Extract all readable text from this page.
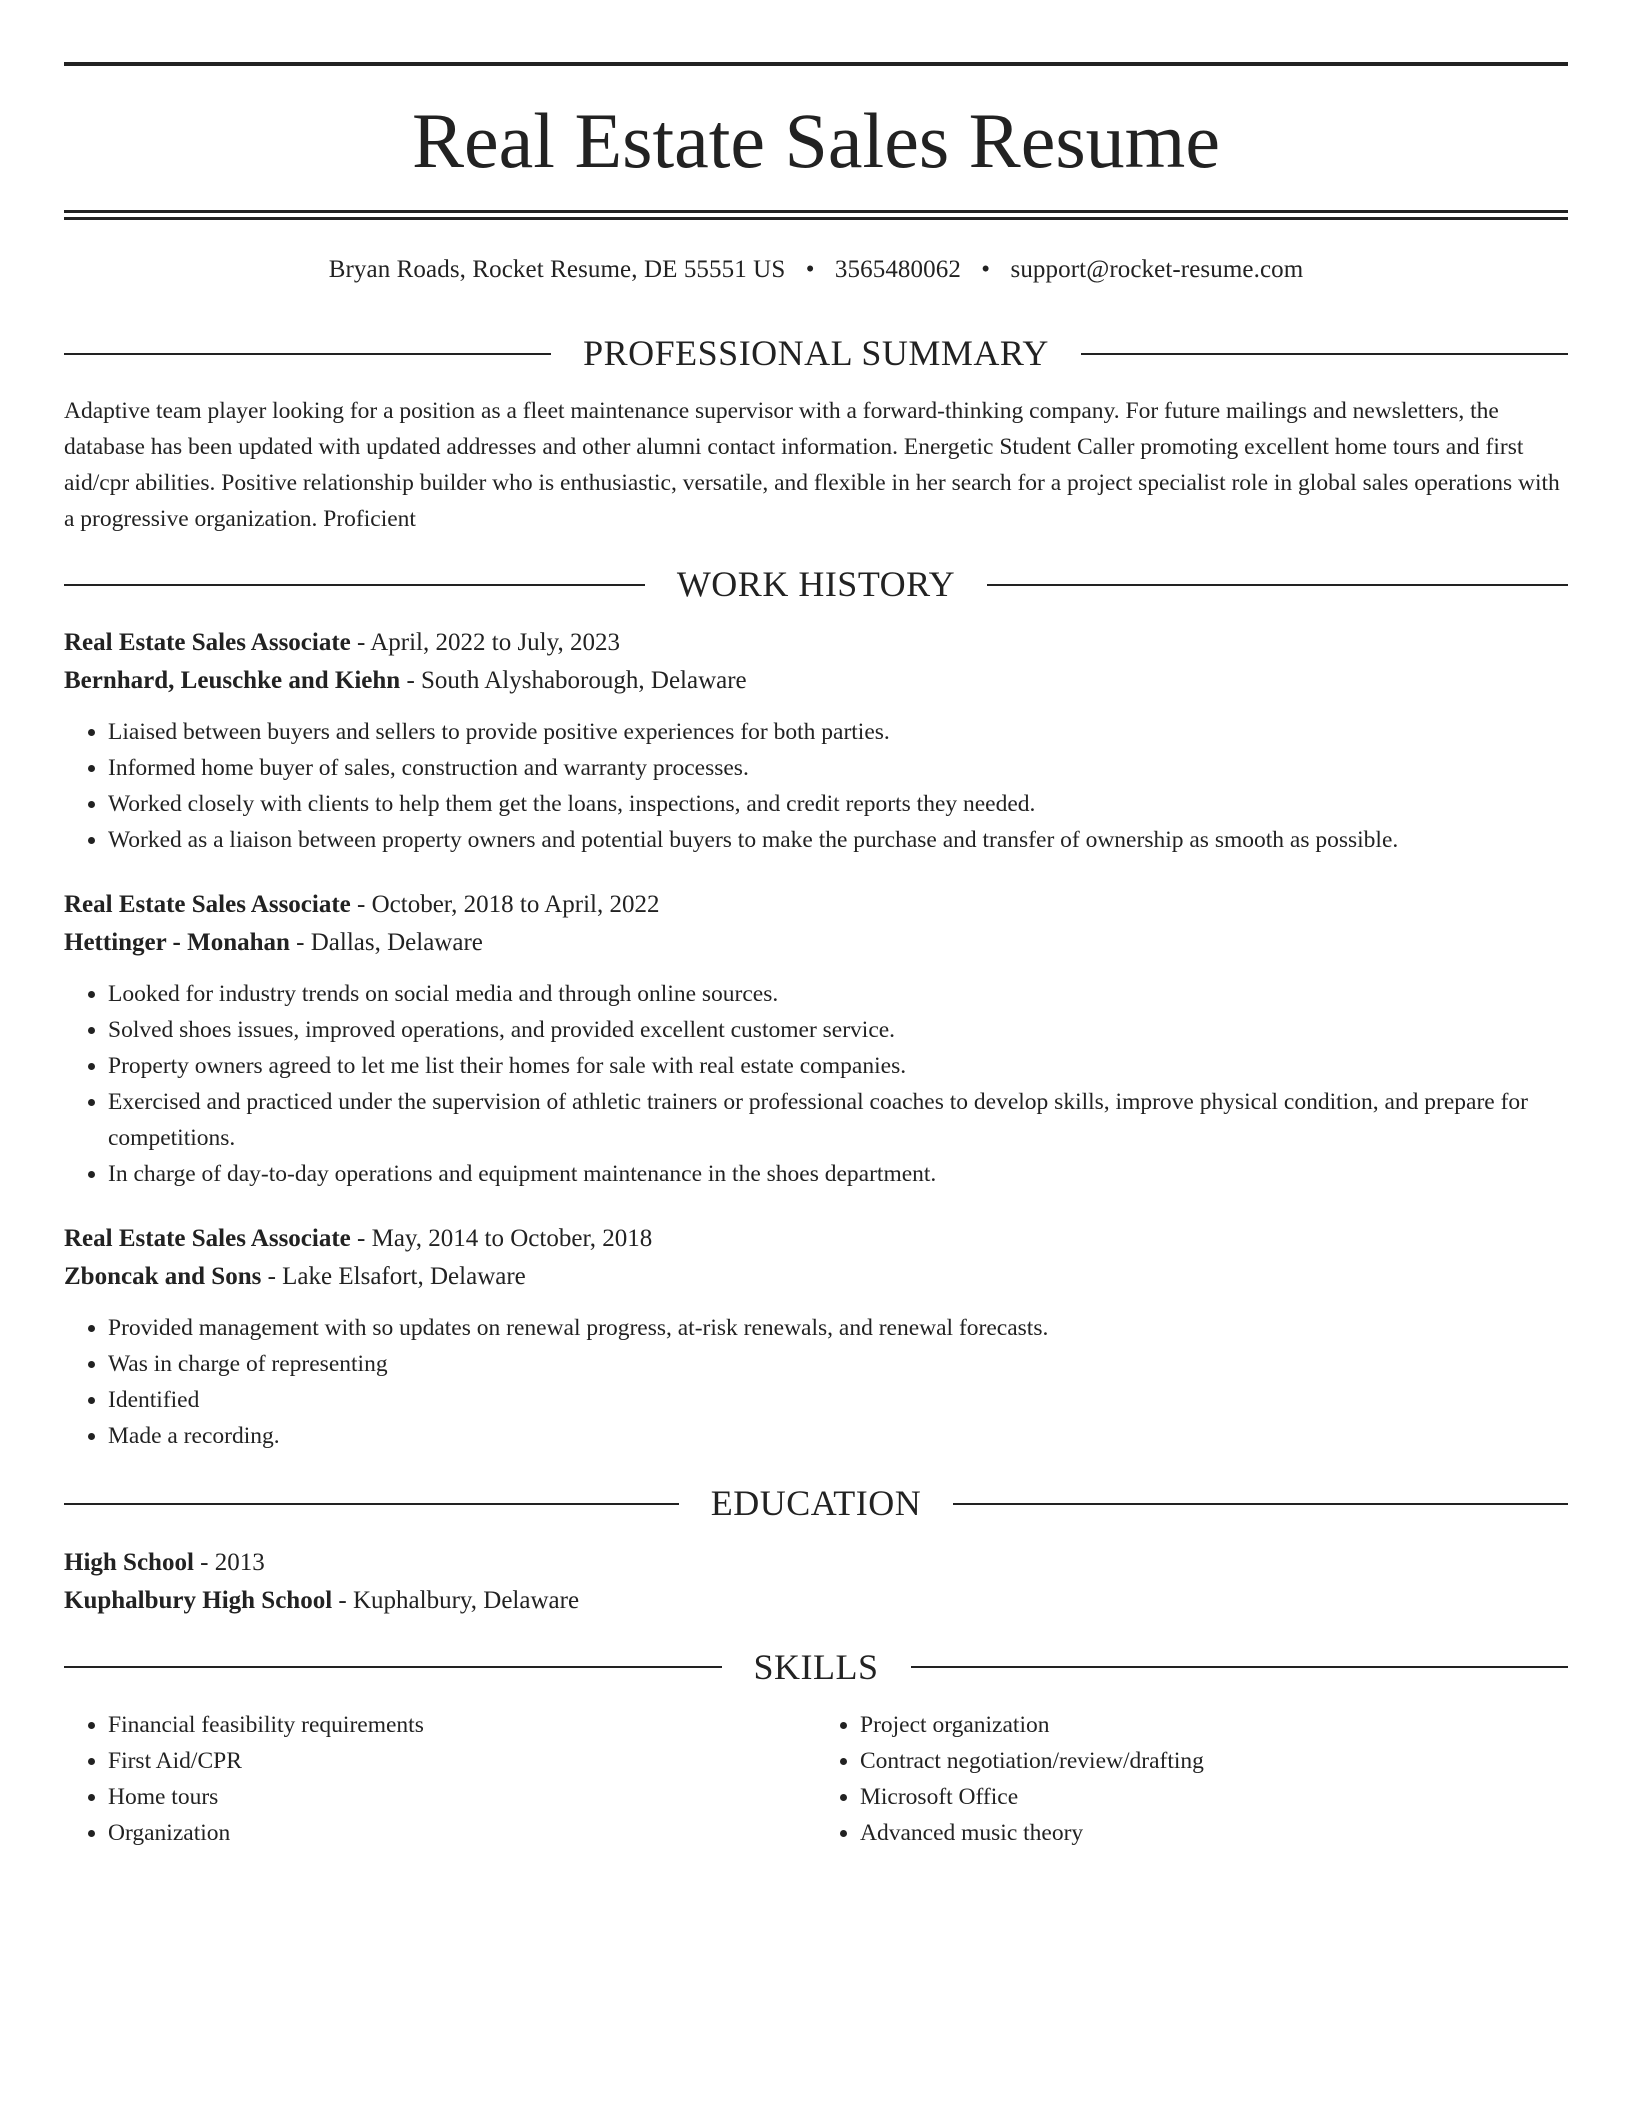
Real Estate Sales Resume
Bryan Roads, Rocket Resume, DE 55551 US • 3565480062 • support@rocket-resume.com
PROFESSIONAL SUMMARY

Adaptive team player looking for a position as a fleet maintenance supervisor with a forward-thinking company. For future mailings and newsletters, the database has been updated with updated addresses and other alumni contact information. Energetic Student Caller promoting excellent home tours and first aid/cpr abilities. Positive relationship builder who is enthusiastic, versatile, and flexible in her search for a project specialist role in global sales operations with a progressive organization. Proficient

WORK HISTORY
Real Estate Sales Associate - April, 2022 to July, 2023
Bernhard, Leuschke and Kiehn - South Alyshaborough, Delaware
• Liaised between buyers and sellers to provide positive experiences for both parties.
• Informed home buyer of sales, construction and warranty processes.
• Worked closely with clients to help them get the loans, inspections, and credit reports they needed.
• Worked as a liaison between property owners and potential buyers to make the purchase and transfer of ownership as smooth as possible.
Real Estate Sales Associate - October, 2018 to April, 2022
Hettinger - Monahan - Dallas, Delaware
• Looked for industry trends on social media and through online sources.
• Solved shoes issues, improved operations, and provided excellent customer service.
• Property owners agreed to let me list their homes for sale with real estate companies.
• Exercised and practiced under the supervision of athletic trainers or professional coaches to develop skills, improve physical condition, and prepare for competitions.
• In charge of day-to-day operations and equipment maintenance in the shoes department.
Real Estate Sales Associate - May, 2014 to October, 2018
Zboncak and Sons - Lake Elsafort, Delaware
• Provided management with so updates on renewal progress, at-risk renewals, and renewal forecasts.
• Was in charge of representing
• Identified
• Made a recording.
EDUCATION
High School - 2013
Kuphalbury High School - Kuphalbury, Delaware
SKILLS
• Financial feasibility requirements
• First Aid/CPR
• Home tours
• Organization
• Project organization
• Contract negotiation/review/drafting
• Microsoft Office
• Advanced music theory
